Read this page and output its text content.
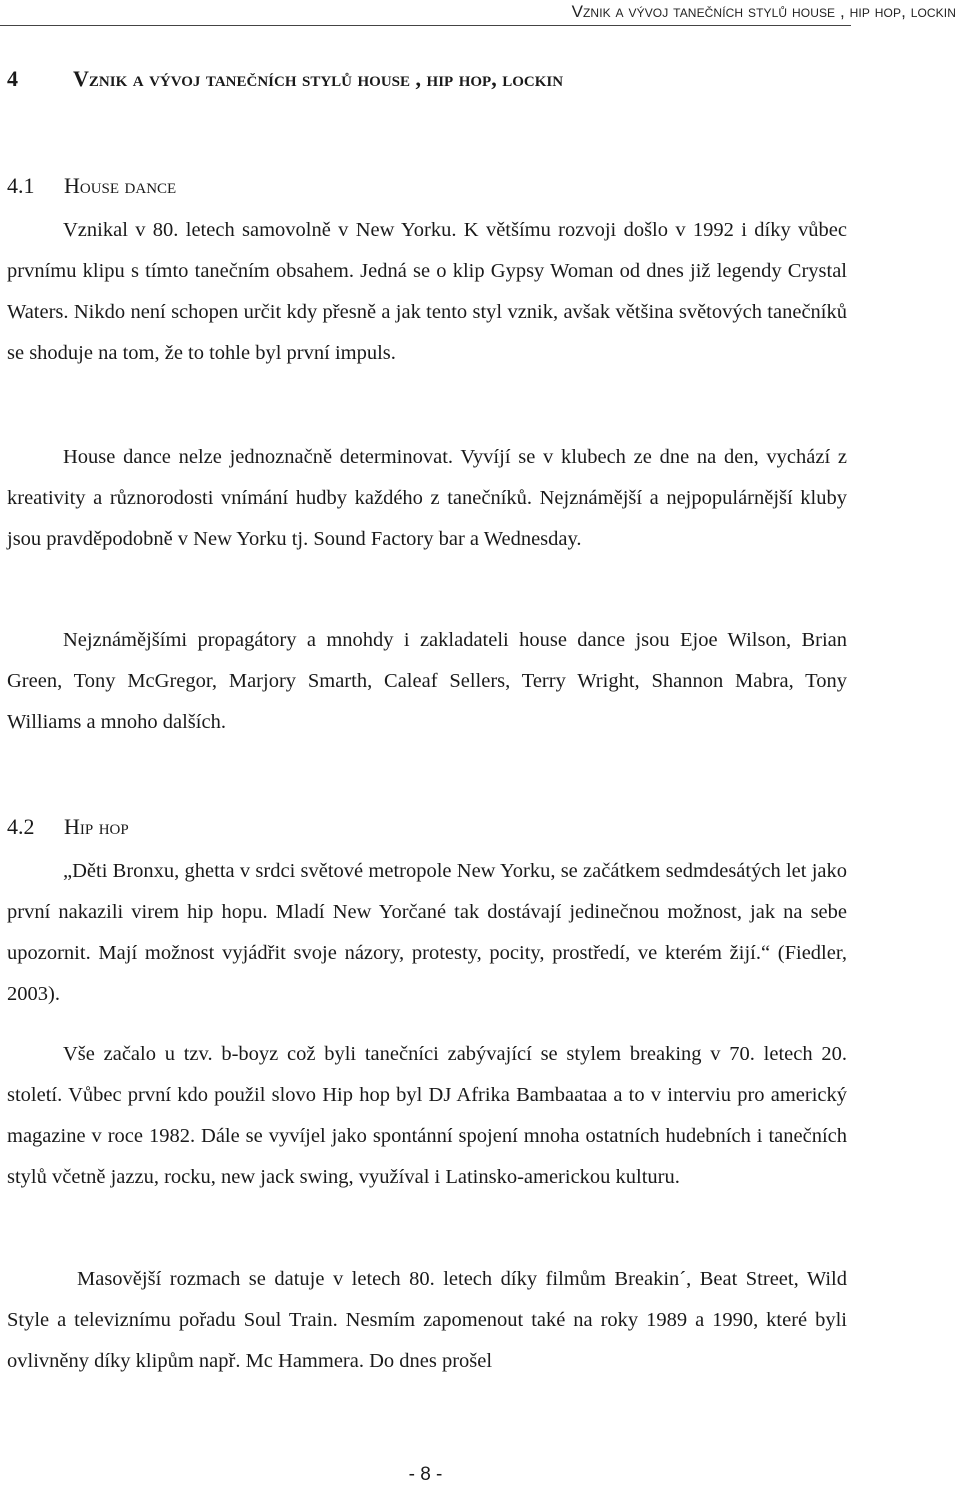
Vznik a vývoj tanečních stylů house , hip hop, lockin
4	Vznik a vývoj tanečních stylů house , hip hop, lockin
4.1 House dance

Vznikal v 80. letech samovolně v New Yorku. K většímu rozvoji došlo v 1992 i díky vůbec prvnímu klipu s tímto tanečním obsahem. Jedná se o klip Gypsy Woman od dnes již legendy Crystal Waters. Nikdo není schopen určit kdy přesně a jak tento styl vznik, avšak většina světových tanečníků se shoduje na tom, že to tohle byl první impuls.

House dance nelze jednoznačně determinovat. Vyvíjí se v klubech ze dne na den, vychází z kreativity a různorodosti vnímání hudby každého z tanečníků. Nejznámější a nejpopulárnější kluby jsou pravděpodobně v New Yorku tj. Sound Factory bar a Wednesday.

Nejznámějšími propagátory a mnohdy i zakladateli house dance jsou Ejoe Wilson, Brian Green, Tony McGregor, Marjory Smarth, Caleaf Sellers, Terry Wright, Shannon Mabra, Tony Williams a mnoho dalších.

4.2 Hip hop

„Děti Bronxu, ghetta v srdci světové metropole New Yorku, se začátkem sedmdesátých let jako první nakazili virem hip hopu. Mladí New Yorčané tak dostávají jedinečnou možnost, jak na sebe upozornit. Mají možnost vyjádřit svoje názory, protesty, pocity, prostředí, ve kterém žijí.“ (Fiedler, 2003).

Vše začalo u tzv. b-boyz což byli tanečníci zabývající se stylem breaking v 70. letech 20. století. Vůbec první kdo použil slovo Hip hop byl DJ Afrika Bambaataa a to v interviu pro americký magazine v roce 1982. Dále se vyvíjel jako spontánní spojení mnoha ostatních hudebních i tanečních stylů včetně jazzu, rocku, new jack swing, využíval i Latinsko-americkou kulturu.

Masovější rozmach se datuje v letech 80. letech díky filmům Breakin´, Beat Street, Wild Style a televiznímu pořadu Soul Train. Nesmím zapomenout také na roky 1989 a 1990, které byli ovlivněny díky klipům např. Mc Hammera. Do dnes prošel

- 8 -
